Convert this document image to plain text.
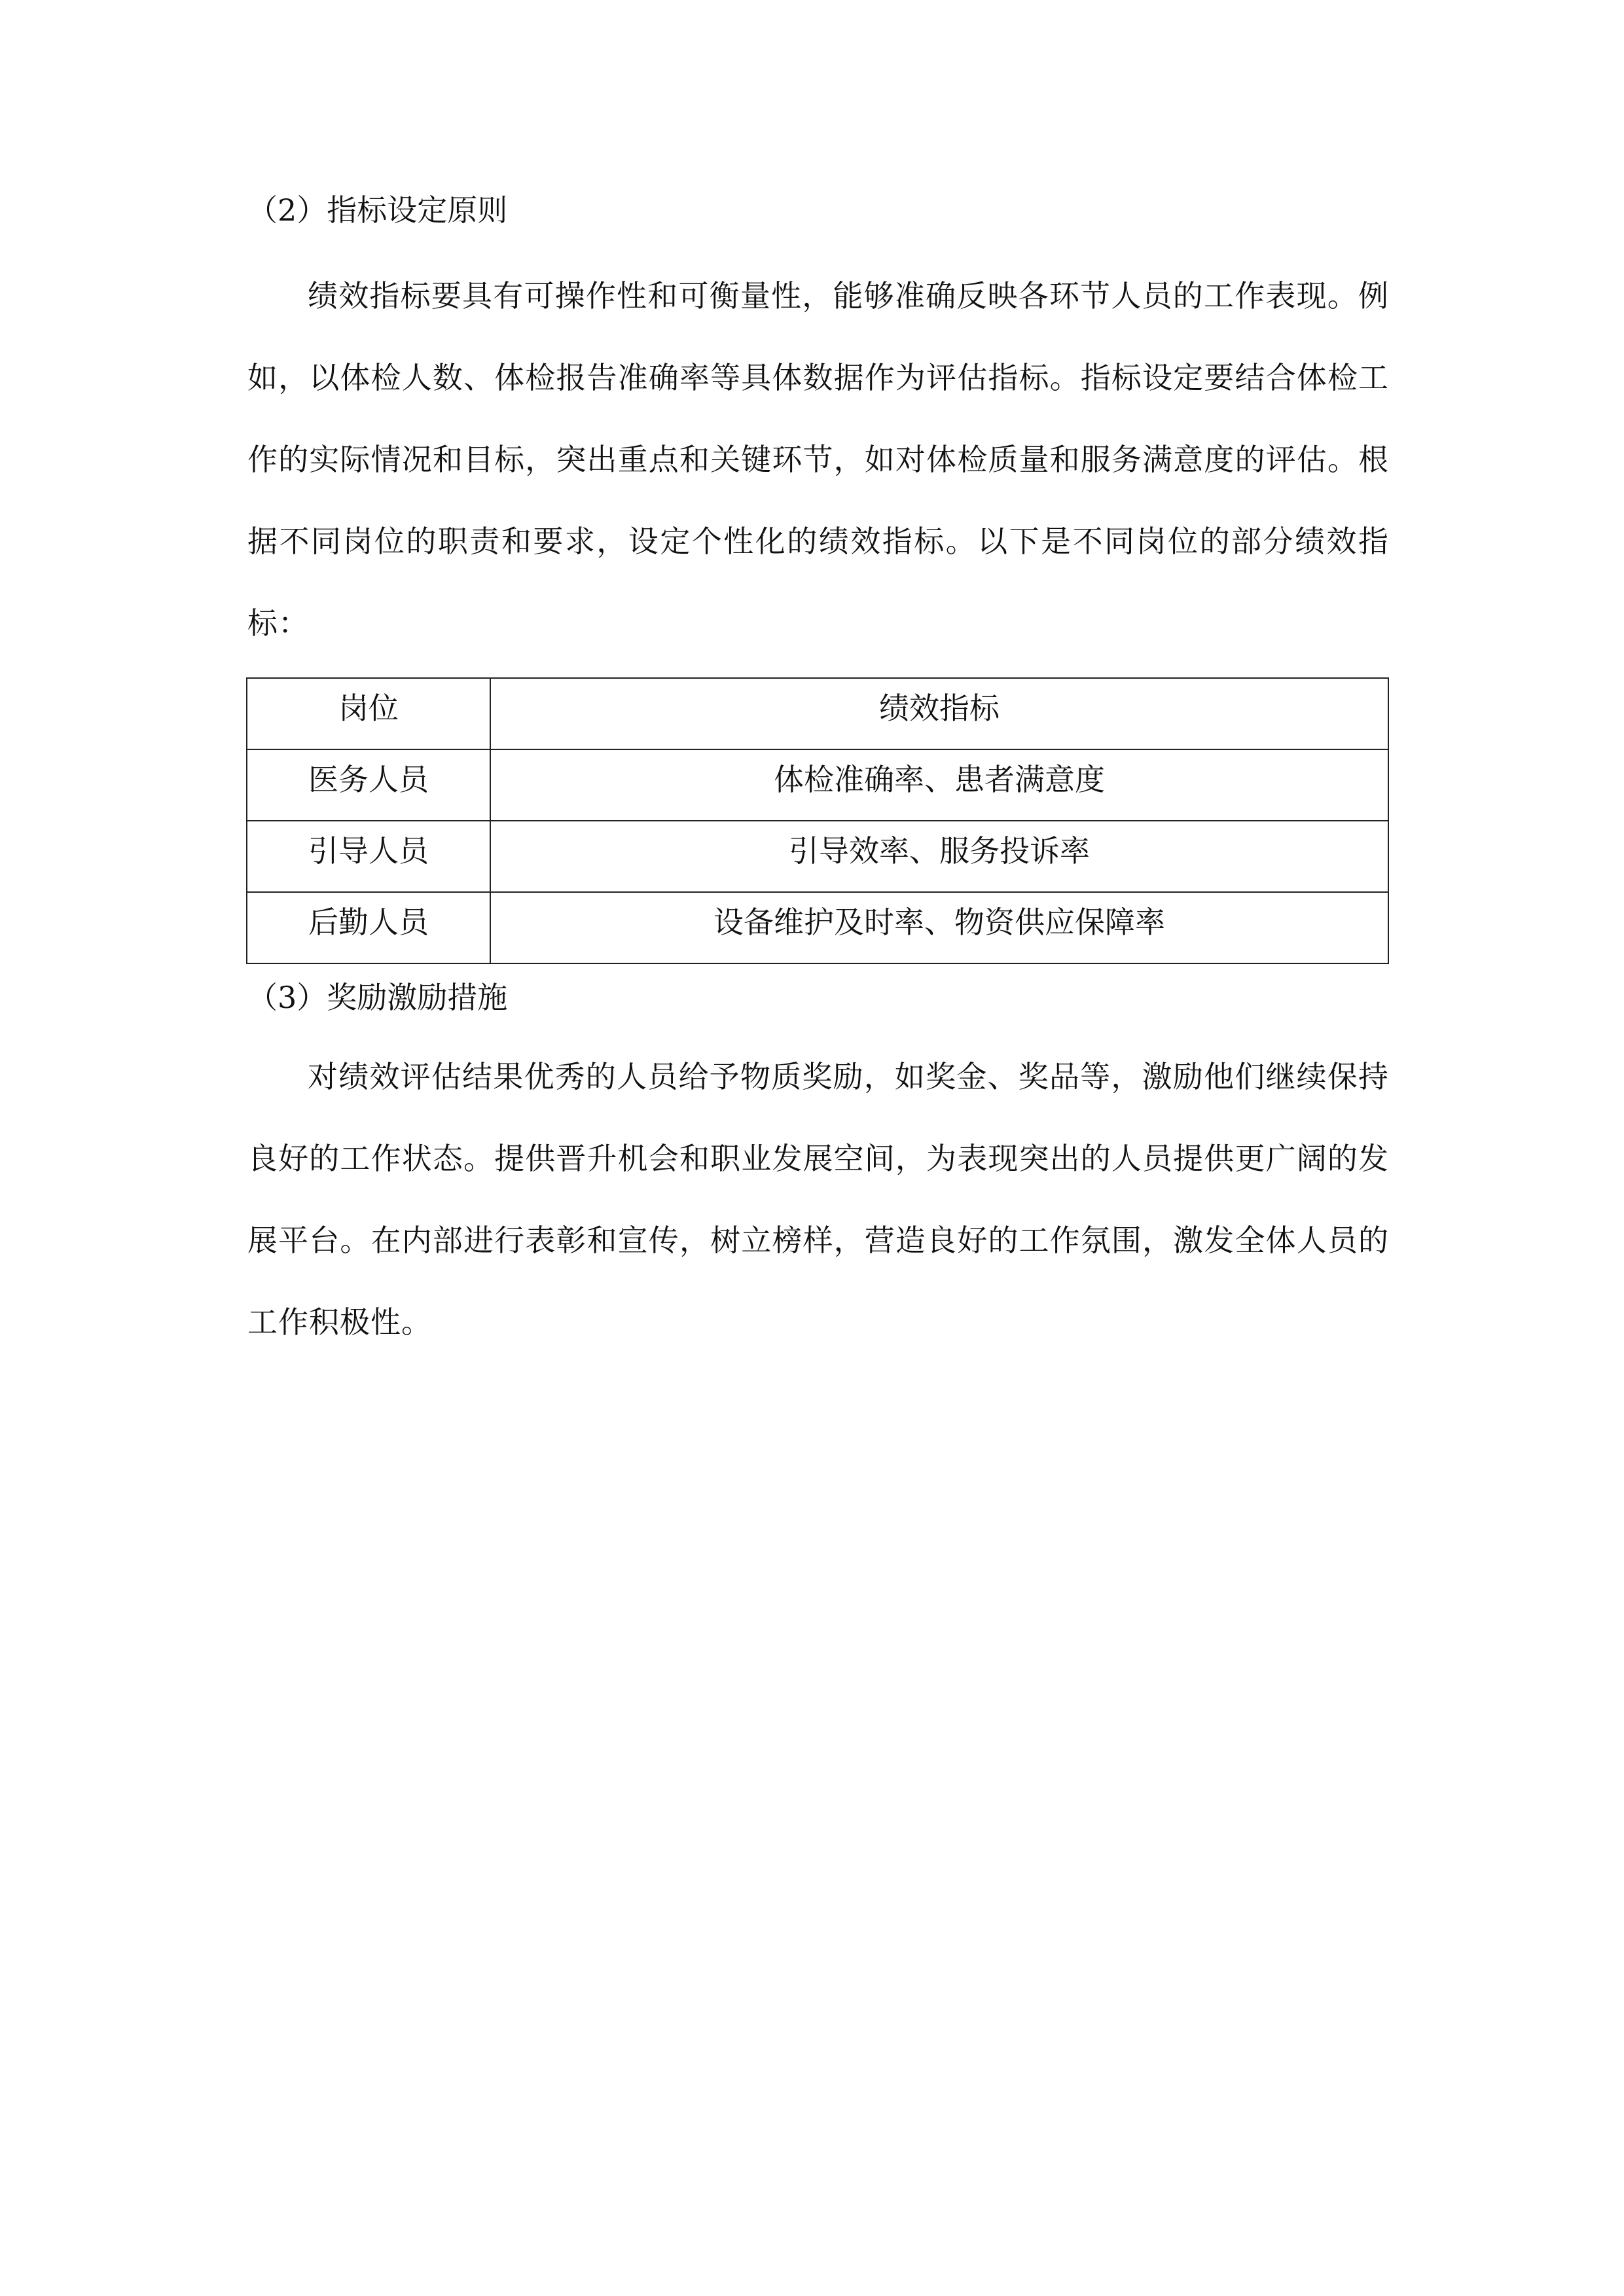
（2）指标设定原则

绩效指标要具有可操作性和可衡量性，能够准确反映各环节人员的工作表现。例如，以体检人数、体检报告准确率等具体数据作为评估指标。指标设定要结合体检工作的实际情况和目标，突出重点和关键环节，如对体检质量和服务满意度的评估。根据不同岗位的职责和要求，设定个性化的绩效指标。以下是不同岗位的部分绩效指标：

岗位	绩效指标
医务人员	体检准确率、患者满意度
引导人员	引导效率、服务投诉率
后勤人员	设备维护及时率、物资供应保障率

（3）奖励激励措施

对绩效评估结果优秀的人员给予物质奖励，如奖金、奖品等，激励他们继续保持良好的工作状态。提供晋升机会和职业发展空间，为表现突出的人员提供更广阔的发展平台。在内部进行表彰和宣传，树立榜样，营造良好的工作氛围，激发全体人员的工作积极性。
